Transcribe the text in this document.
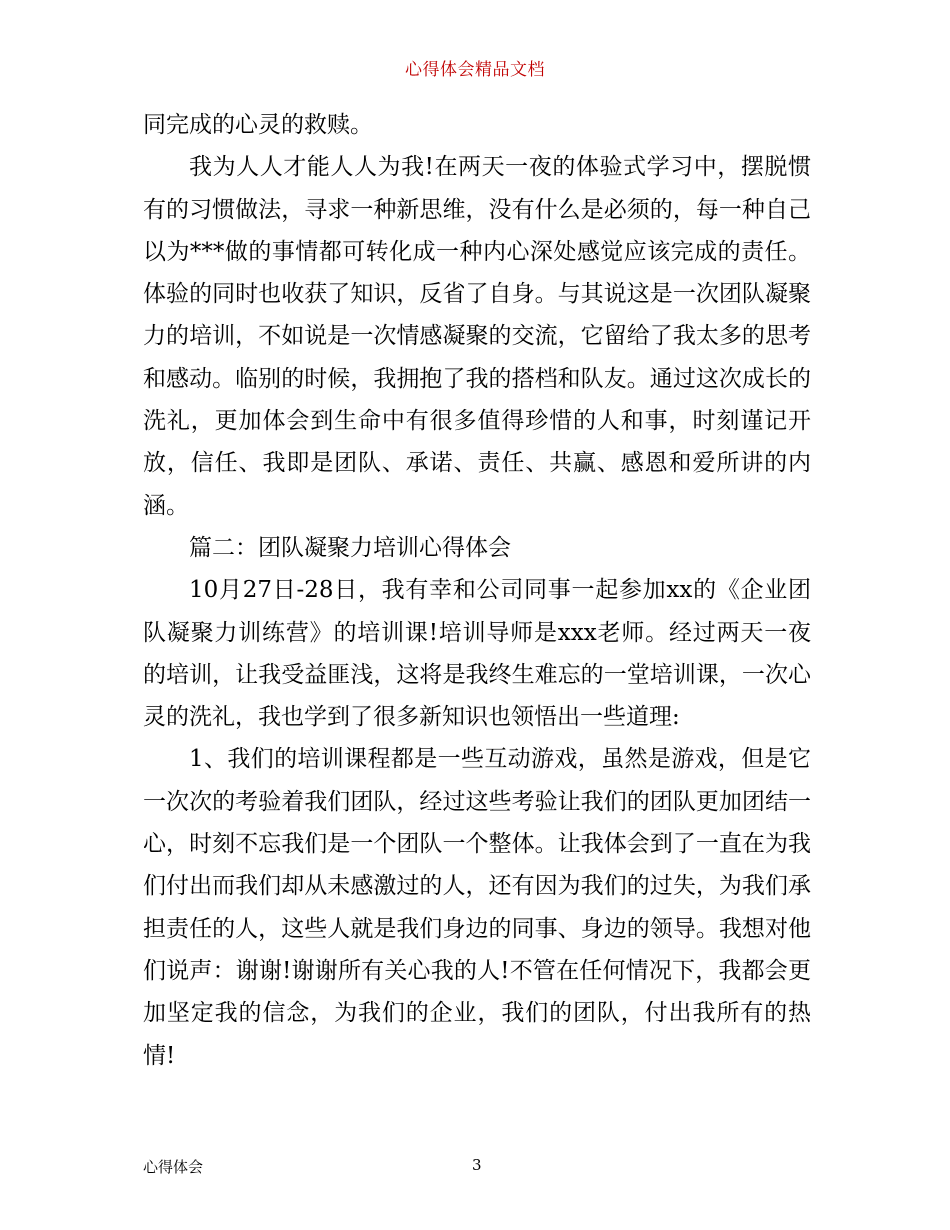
心得体会精品文档

同完成的心灵的救赎。

我为人人才能人人为我!在两天一夜的体验式学习中，摆脱惯有的习惯做法，寻求一种新思维，没有什么是必须的，每一种自己以为***做的事情都可转化成一种内心深处感觉应该完成的责任。体验的同时也收获了知识，反省了自身。与其说这是一次团队凝聚力的培训，不如说是一次情感凝聚的交流，它留给了我太多的思考和感动。临别的时候，我拥抱了我的搭档和队友。通过这次成长的洗礼，更加体会到生命中有很多值得珍惜的人和事，时刻谨记开放，信任、我即是团队、承诺、责任、共赢、感恩和爱所讲的内涵。

篇二：团队凝聚力培训心得体会

10月27日-28日，我有幸和公司同事一起参加xx的《企业团队凝聚力训练营》的培训课!培训导师是xxx老师。经过两天一夜的培训，让我受益匪浅，这将是我终生难忘的一堂培训课，一次心灵的洗礼，我也学到了很多新知识也领悟出一些道理:

1、我们的培训课程都是一些互动游戏，虽然是游戏，但是它一次次的考验着我们团队，经过这些考验让我们的团队更加团结一心，时刻不忘我们是一个团队一个整体。让我体会到了一直在为我们付出而我们却从未感激过的人，还有因为我们的过失，为我们承担责任的人，这些人就是我们身边的同事、身边的领导。我想对他们说声：谢谢!谢谢所有关心我的人!不管在任何情况下，我都会更加坚定我的信念，为我们的企业，我们的团队，付出我所有的热情!

心得体会	3
